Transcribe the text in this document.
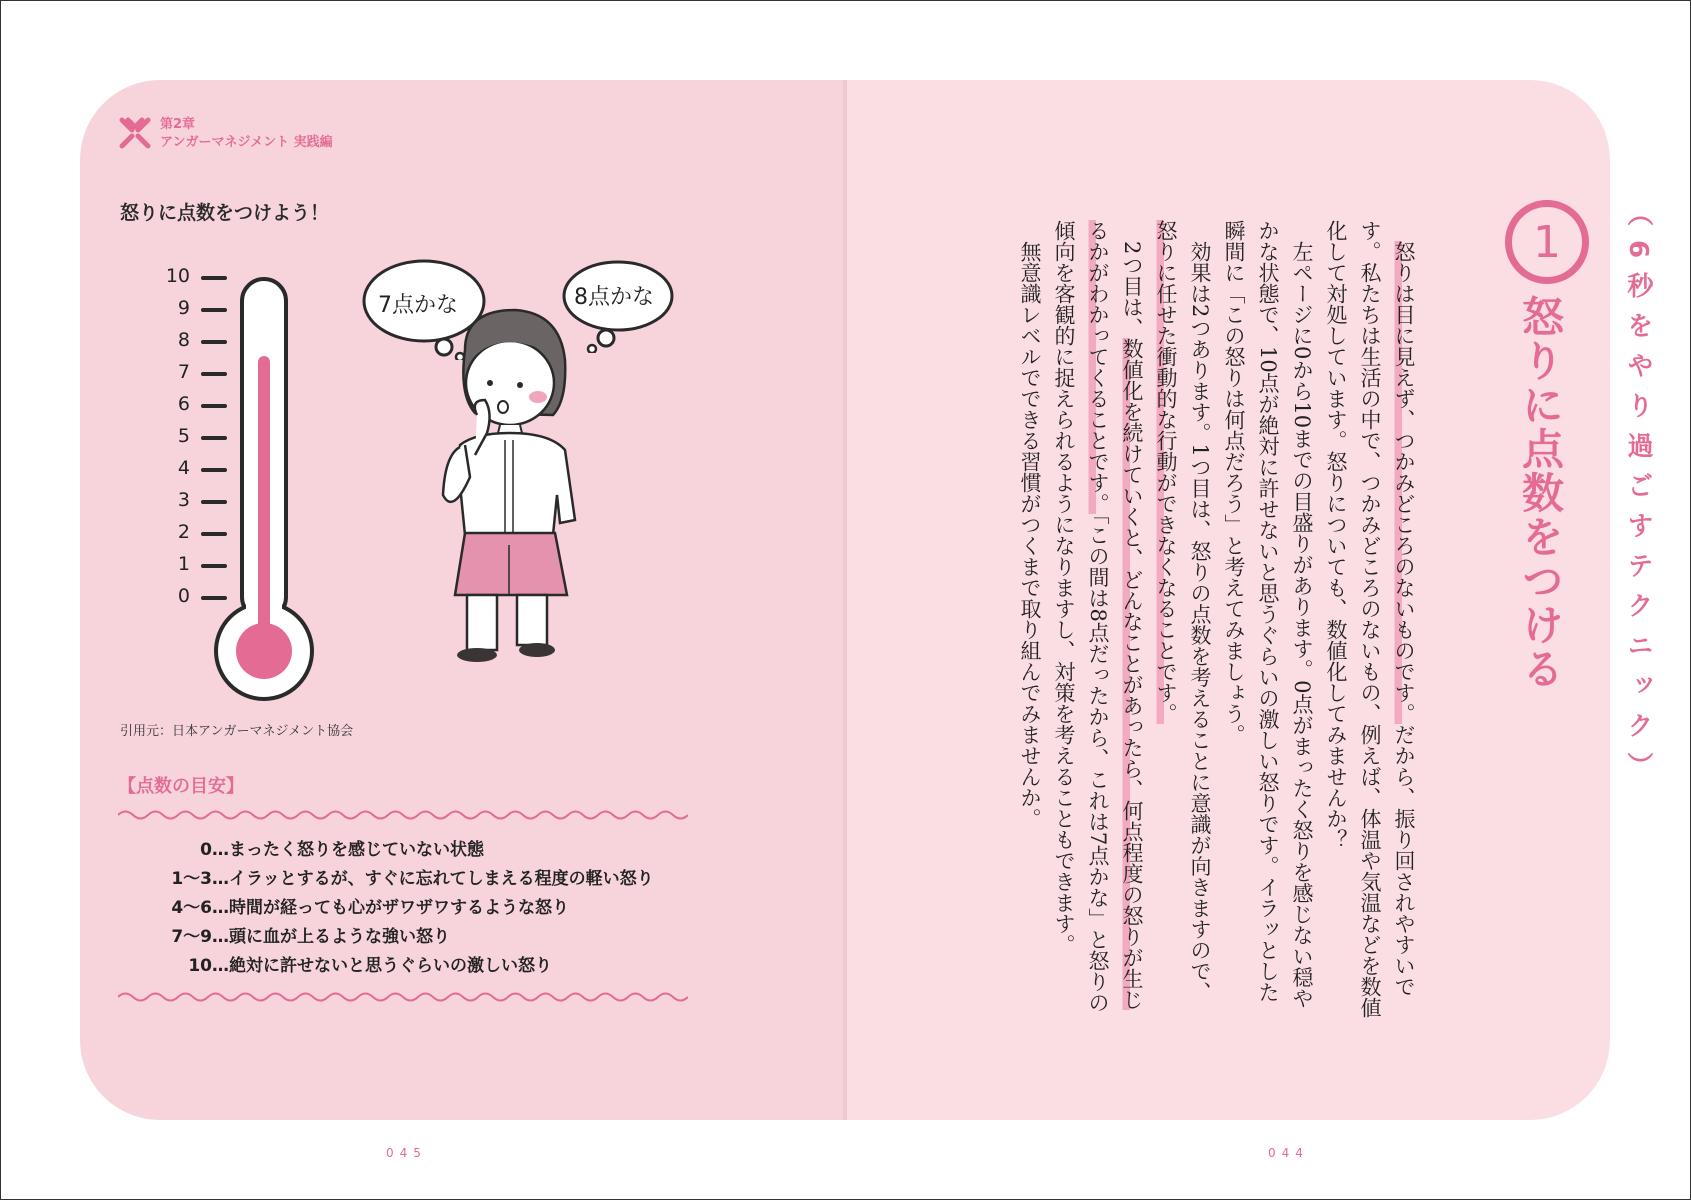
第2章
アンガーマネジメント 実践編
怒りに点数をつけよう！
10
9
8
7
6
5
4
3
2
1
0
7点かな	8点かな
引用元：日本アンガーマネジメント協会
【点数の目安】
0…まったく怒りを感じていない状態
1〜3…イラッとするが、すぐに忘れてしまえる程度の軽い怒り
4〜6…時間が経っても心がザワザワするような怒り
7〜9…頭に血が上るような強い怒り
10…絶対に許せないと思うぐらいの激しい怒り
045
1
怒りに点数をつける （6秒をやり過ごすテクニック）

怒りは目に見えず、つかみどころのないものです。だから、振り回されやすいです。私たちは生活の中で、つかみどころのないもの、例えば、体温や気温などを数値化して対処しています。怒りについても、数値化してみませんか？

左ページに0から10までの目盛りがあります。0点がまったく怒りを感じない穏やかな状態で、10点が絶対に許せないと思うぐらいの激しい怒りです。イラッとした瞬間に「この怒りは何点だろう」と考えてみましょう。

効果は2つあります。1つ目は、怒りの点数を考えることに意識が向きますので、怒りに任せた衝動的な行動ができなくなることです。

2つ目は、数値化を続けていくと、どんなことがあったら、何点程度の怒りが生じるかがわかってくることです。「この間は8点だったから、これは7点かな」と怒りの傾向を客観的に捉えられるようになりますし、対策を考えることもできます。

無意識レベルでできる習慣がつくまで取り組んでみませんか。

044
